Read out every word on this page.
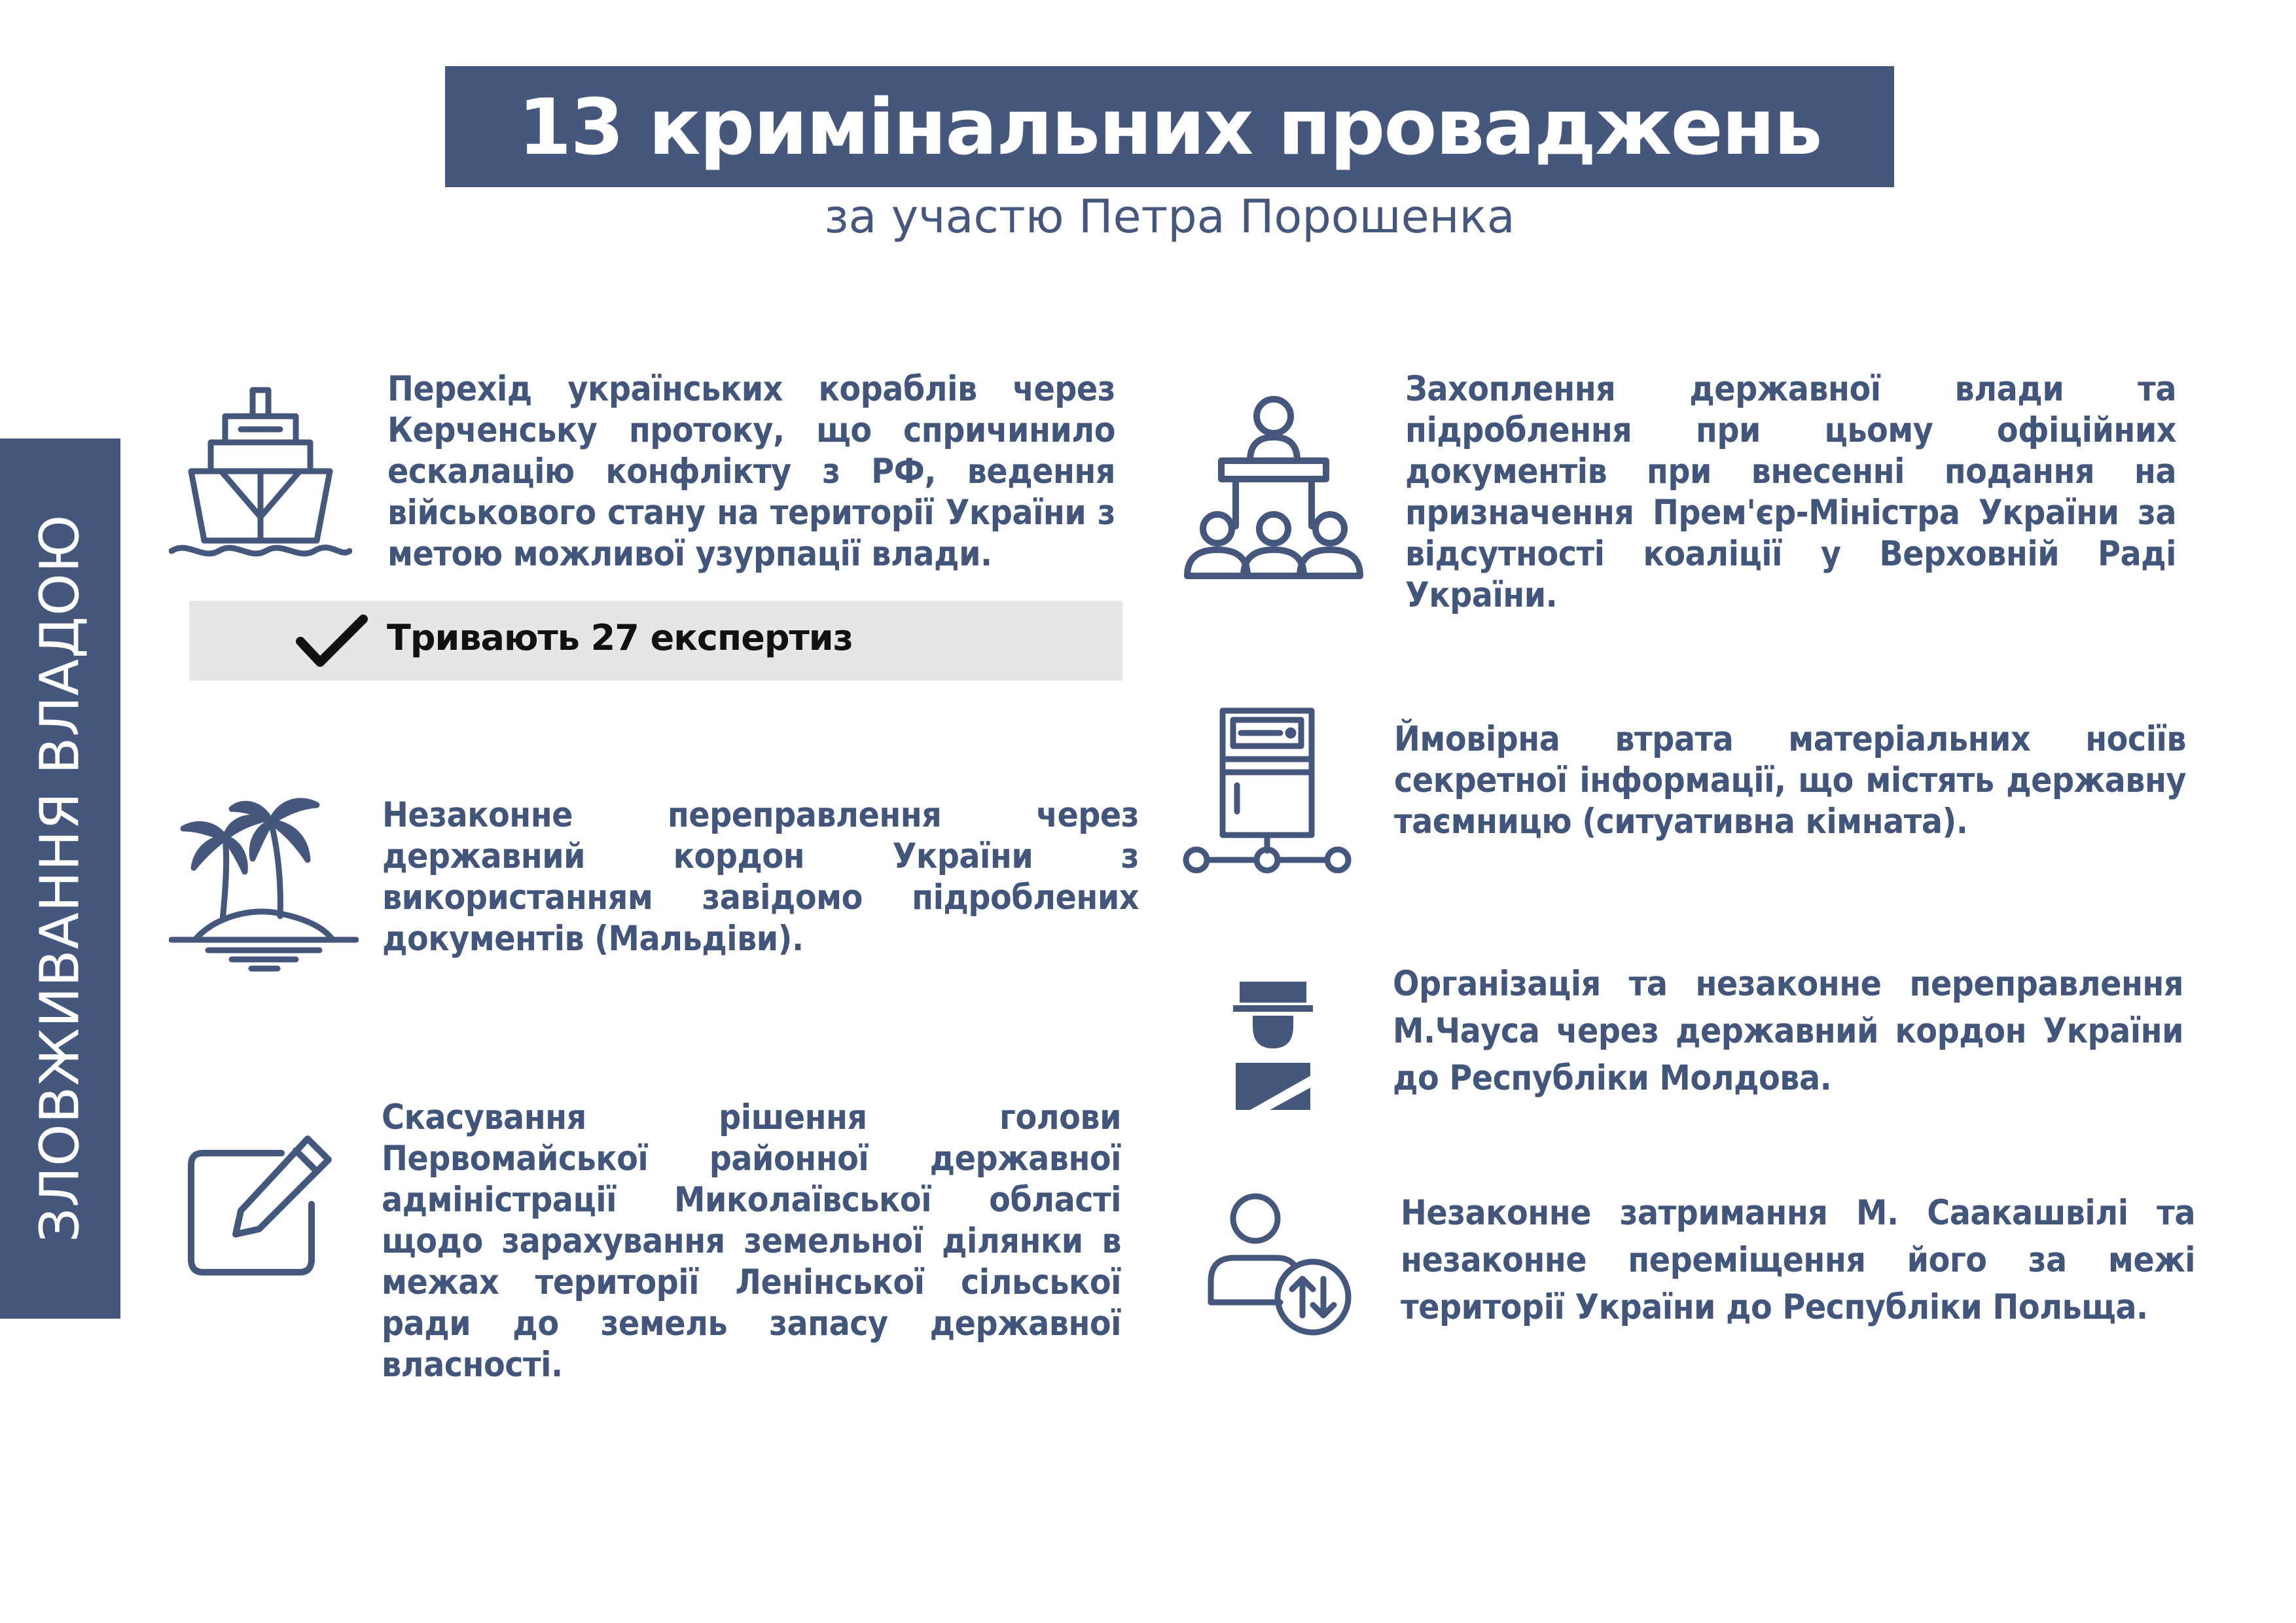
13 кримінальних проваджень
за участю Петра Порошенка
ЗЛОВЖИВАННЯ ВЛАДОЮ
Перехід українських кораблів через Керченську протоку, що спричинило ескалацію конфлікту з РФ, ведення військового стану на території України з метою можливої узурпації влади.
Тривають 27 експертиз
Незаконне переправлення через державний кордон України з використанням завідомо підроблених документів (Мальдіви).
Скасування рішення голови Первомайської районної державної адміністрації Миколаївської області щодо зарахування земельної ділянки в межах території Ленінської сільської ради до земель запасу державної власності.
Захоплення державної влади та підроблення при цьому офіційних документів при внесенні подання на призначення Прем'єр-Міністра України за відсутності коаліції у Верховній Раді України.
Ймовірна втрата матеріальних носіїв секретної інформації, що містять державну таємницю (ситуативна кімната).
Організація та незаконне переправлення М.Чауса через державний кордон України до Республіки Молдова.
Незаконне затримання М. Саакашвілі та незаконне переміщення його за межі території України до Республіки Польща.
